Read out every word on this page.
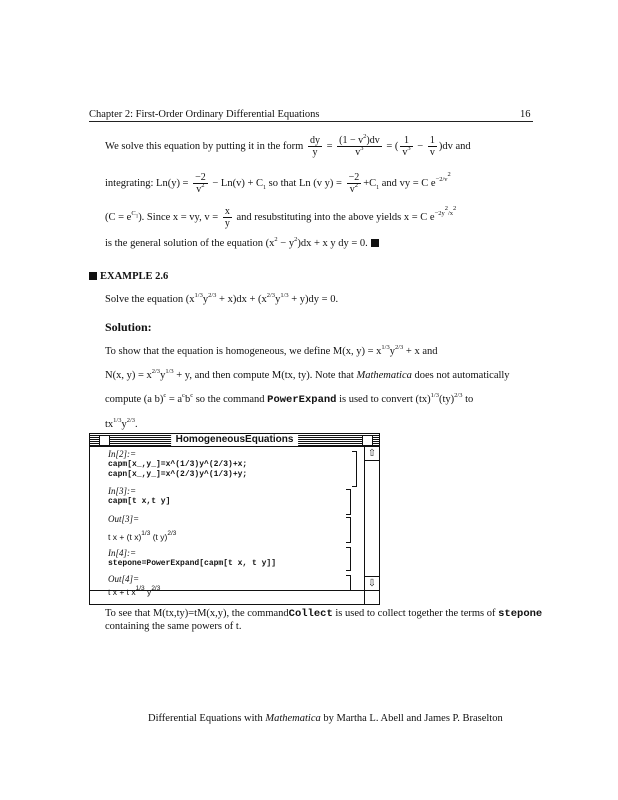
Chapter 2: First-Order Ordinary Differential Equations	16
We solve this equation by putting it in the form $\frac{dy}{y} = \frac{(1 - v^2)dv}{v^3}$ = ( $\frac{1}{v^3} - \frac{1}{v} )dv$ and
integrating: $Ln(y) = \frac{-2}{v^2} - Ln(v) + C_1$ so that Ln (v $y) = \frac{-2}{v^2} +C_1$ and vy = C $e^{-2/v^2}$
$(C = e^{C_1})$. Since x = vy, $v = \frac{x}{y}$ and resubstituting into the above yields x = C $e^{-2y^2/x^2}$
is the general solution of the equation $(x^2 - y^2)dx + x$ y dy = 0.
EXAMPLE 2.6
Solve the equation $(x^{1/3}y^{2/3} + x)dx + (x^{2/3}y^{1/3} + y)dy = 0$.
Solution:
To show that the equation is homogeneous, we define M(x, $y) = x^{1/3}y^{2/3} + x$ and
N(x, $y) = x^{2/3}y^{1/3} + y$, and then compute M(tx, ty). Note that Mathematica does not automatically
compute (a $b)^c = a^cb^c$ so the command PowerExpand is used to convert (tx)$^{1/3}$(ty)$^{2/3}$ to
$tx^{1/3}y^{2/3}$.
HomogeneousEquations
⇧
⇩
In[2]:=
capm[x_,y_]=x^(1/3)y^(2/3)+x;
capn[x_,y_]=x^(2/3)y^(1/3)+y;
In[3]:=
capm[t x,t y]
Out[3]=
t x + (t x)$^{1/3}$ (t y)$^{2/3}$
In[4]:=
stepone=PowerExpand[capm[t x, t y]]
Out[4]=
t x + t $x^{1/3}$ $y^{2/3}$
To see that M(tx,ty)=tM(x,y), the commandCollect is used to collect together the terms of stepone
containing the same powers of t.
Differential Equations with Mathematica by Martha L. Abell and James P. Braselton
